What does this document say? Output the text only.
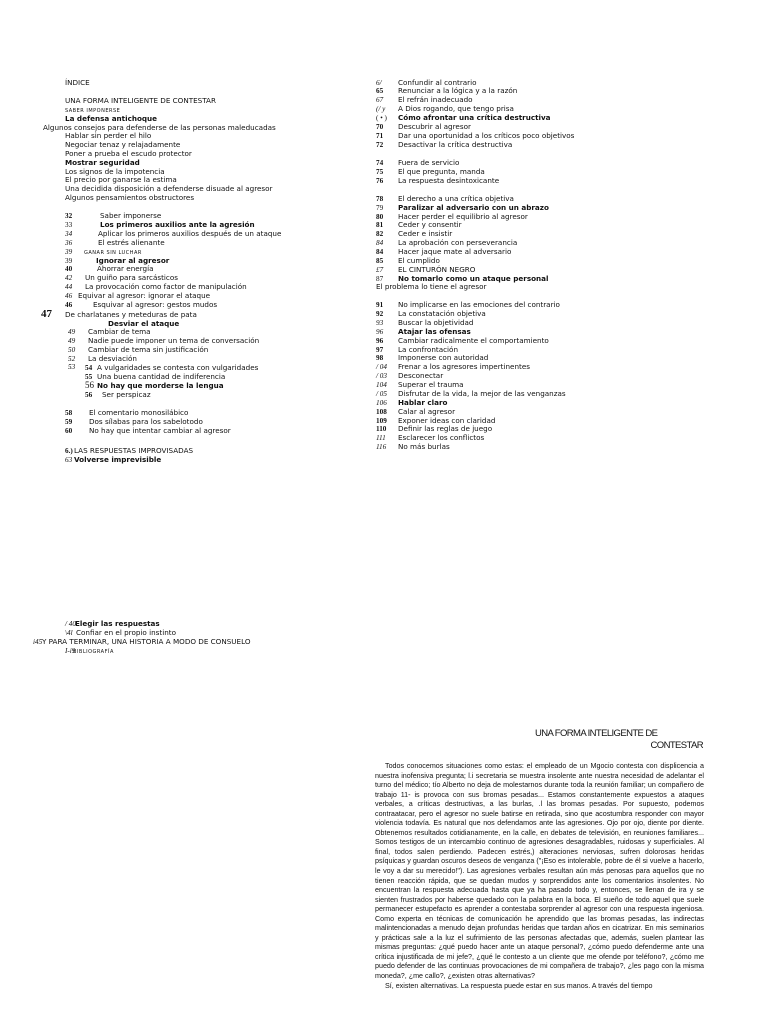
ÍNDICE
UNA FORMA INTELIGENTE DE CONTESTAR
SABER IMPONERSE
La defensa antichoque
Algunos consejos para defenderse de las personas maleducadas
Hablar sin perder el hilo
Negociar tenaz y relajadamente
Poner a prueba el escudo protector
Mostrar seguridad
Los signos de la impotencia
El precio por ganarse la estima
Una decidida disposición a defenderse disuade al agresor
Algunos pensamientos obstructores
32	Saber imponerse
33	Los primeros auxilios ante la agresión
34	Aplicar los primeros auxilios después de un ataque
36	El estrés alienante
39 GANAR SIN LUCHAR
39	Ignorar al agresor
40	Ahorrar energía
42 Un guiño para sarcásticos
44 La provocación como factor de manipulación
46 Equivar al agresor: ignorar el ataque
46	Esquivar al agresor: gestos mudos
47 De charlatanes y meteduras de pata
Desviar el ataque
49 Cambiar de tema
49 Nadie puede imponer un tema de conversación
50 Cambiar de tema sin justificación
52 La desviación
53 54 A vulgaridades se contesta con vulgaridades
55 Una buena cantidad de indiferencia
56 No hay que morderse la lengua
56 Ser perspicaz
58 El comentario monosilábico
59 Dos sílabas para los sabelotodo
60 No hay que intentar cambiar al agresor
6.)LAS RESPUESTAS IMPROVISADAS
63 Volverse imprevisible
/ 40Elegir las respuestas
\4l Confiar en el propio instinto
i45Y PARA TERMINAR, UNA HISTORIA A MODO DE CONSUELO
I-i9BIBLIOGRAFÍA
6/ Confundir al contrario
65 Renunciar a la lógica y a la razón
67 El refrán inadecuado
(/ y A Dios rogando, que tengo prisa
( • ) Cómo afrontar una crítica destructiva
70 Descubrir al agresor
71 Dar una oportunidad a los críticos poco objetivos
72 Desactivar la crítica destructiva
74 Fuera de servicio
75 El que pregunta, manda
76 La respuesta desintoxicante
78 El derecho a una crítica objetiva
79 Paralizar al adversario con un abrazo
80 Hacer perder el equilibrio al agresor
81 Ceder y consentir
82 Ceder e insistir
84 La aprobación con perseverancia
84 Hacer jaque mate al adversario
85 El cumplido
£7 EL CINTURÓN NEGRO
87 No tomarlo como un ataque personal
El problema lo tiene el agresor
91 No implicarse en las emociones del contrario
92 La constatación objetiva
93 Buscar la objetividad
96 Atajar las ofensas
96 Cambiar radicalmente el comportamiento
97 La confrontación
98 Imponerse con autoridad
/ 04 Frenar a los agresores impertinentes
/ 03 Desconectar
104 Superar el trauma
/ 05 Disfrutar de la vida, la mejor de las venganzas
106 Hablar claro
108 Calar al agresor
109 Exponer ideas con claridad
110 Definir las reglas de juego
111 Esclarecer los conflictos
116 No más burlas
UNA FORMA INTELIGENTE DE
CONTESTAR

Todos conocemos situaciones como estas: el empleado de un Mgocio contesta con displicencia a nuestra inofensiva pregunta; l.i secretaria se muestra insolente ante nuestra necesidad de adelantar el turno del médico; tío Alberto no deja de molestarnos durante toda la reunión familiar; un compañero de trabajo 11- is provoca con sus bromas pesadas... Estamos constantemente expuestos a ataques verbales, a críticas destructivas, a las burlas, .l las bromas pesadas. Por supuesto, podemos contraatacar, pero el agresor no suele batirse en retirada, sino que acostumbra responder con mayor violencia todavía. Es natural que nos defendamos ante las agresiones. Ojo por ojo, diente por diente. Obtenemos resultados cotidianamente, en la calle, en debates de televisión, en reuniones familiares... Somos testigos de un intercambio continuo de agresiones desagradables, ruidosas y superficiales. Al final, todos salen perdiendo. Padecen estrés,) alteraciones nerviosas, sufren dolorosas heridas psíquicas y guardan oscuros deseos de venganza ("¡Eso es intolerable, pobre de él si vuelve a hacerlo, le voy a dar su merecido!"). Las agresiones verbales resultan aún más penosas para aquellos que no tienen reacción rápida, que se quedan mudos y sorprendidos ante los comentarios insolentes. No encuentran la respuesta adecuada hasta que ya ha pasado todo y, entonces, se llenan de ira y se sienten frustrados por haberse quedado con la palabra en la boca. El sueño de todo aquel que suele permanecer estupefacto es aprender a contestaba sorprender al agresor con una respuesta ingeniosa. Como experta en técnicas de comunicación he aprendido que las bromas pesadas, las indirectas malintencionadas a menudo dejan profundas heridas que tardan años en cicatrizar. En mis seminarios y prácticas sale a la luz el sufrimiento de las personas afectadas que, además, suelen plantear las mismas preguntas: ¿qué puedo hacer ante un ataque personal?, ¿cómo puedo defenderme ante una crítica injustificada de mi jefe?, ¿qué le contesto a un cliente que me ofende por teléfono?, ¿cómo me puedo defender de las continuas provocaciones de mi compañera de trabajo?, ¿les pago con la misma moneda?, ¿me callo?, ¿existen otras alternativas?

Sí, existen alternativas. La respuesta puede estar en sus manos. A través del tiempo
